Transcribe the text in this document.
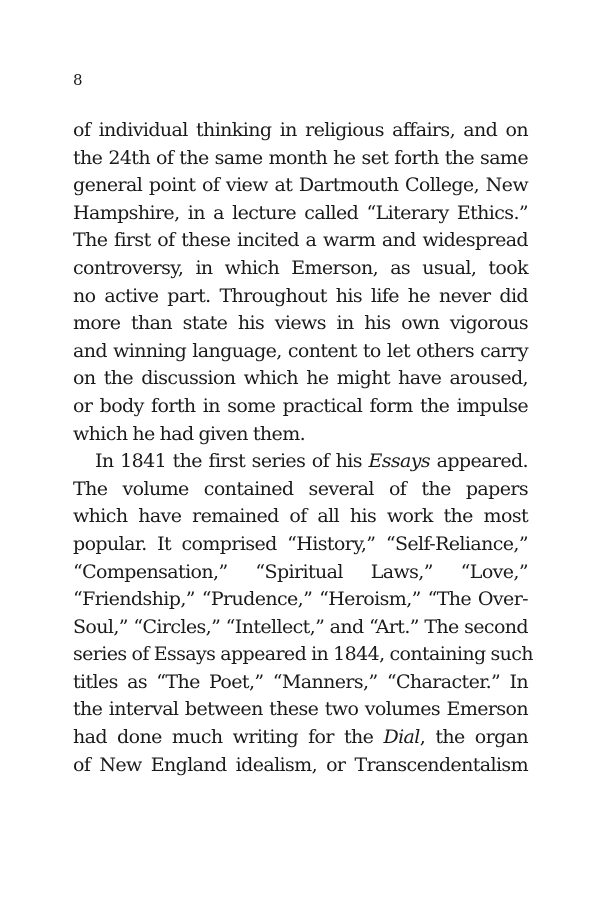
8
of individual thinking in religious affairs, and on
the 24th of the same month he set forth the same
general point of view at Dartmouth College, New
Hampshire, in a lecture called “Literary Ethics.”
The first of these incited a warm and widespread
controversy, in which Emerson, as usual, took
no active part. Throughout his life he never did
more than state his views in his own vigorous
and winning language, content to let others carry
on the discussion which he might have aroused,
or body forth in some practical form the impulse
which he had given them.
In 1841 the first series of his Essays appeared.
The volume contained several of the papers
which have remained of all his work the most
popular. It comprised “History,” “Self-Reliance,”
“Compensation,” “Spiritual Laws,” “Love,”
“Friendship,” “Prudence,” “Heroism,” “The Over-
Soul,” “Circles,” “Intellect,” and “Art.” The second
series of Essays appeared in 1844, containing such
titles as “The Poet,” “Manners,” “Character.” In
the interval between these two volumes Emerson
had done much writing for the Dial, the organ
of New England idealism, or Transcendentalism
